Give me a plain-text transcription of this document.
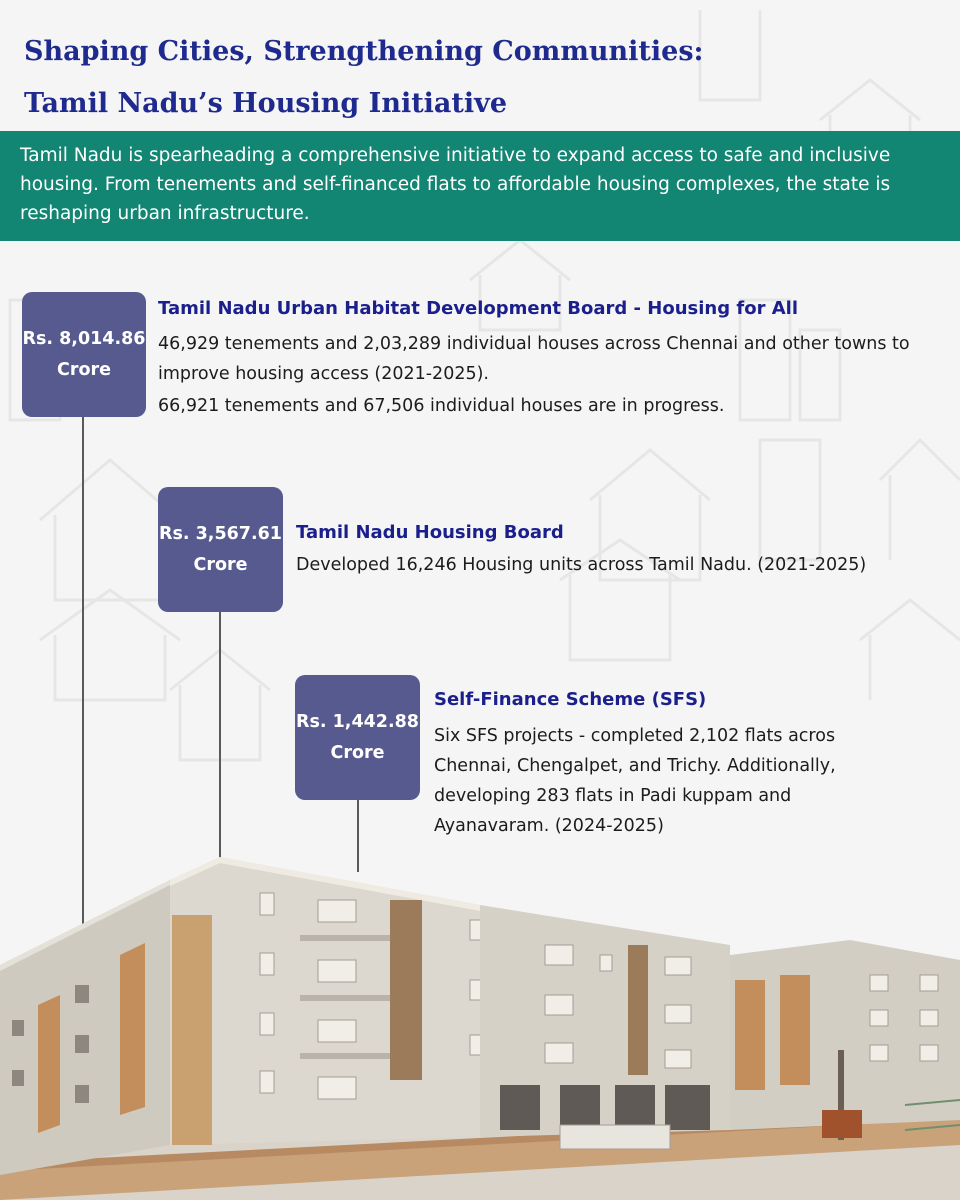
Shaping Cities, Strengthening Communities:
Tamil Nadu’s Housing Initiative

Tamil Nadu is spearheading a comprehensive initiative to expand access to safe and inclusive housing. From tenements and self-financed flats to affordable housing complexes, the state is reshaping urban infrastructure.

Rs. 8,014.86
Crore

Tamil Nadu Urban Habitat Development Board - Housing for All

46,929 tenements and 2,03,289 individual houses across Chennai and other towns to improve housing access (2021-2025).

66,921 tenements and 67,506 individual houses are in progress.

Rs. 3,567.61
Crore

Tamil Nadu Housing Board

Developed 16,246 Housing units across Tamil Nadu. (2021-2025)

Rs. 1,442.88
Crore

Self-Finance Scheme (SFS)

Six SFS projects - completed 2,102 flats acros Chennai, Chengalpet, and Trichy. Additionally, developing 283 flats in Padi kuppam and Ayanavaram. (2024-2025)
